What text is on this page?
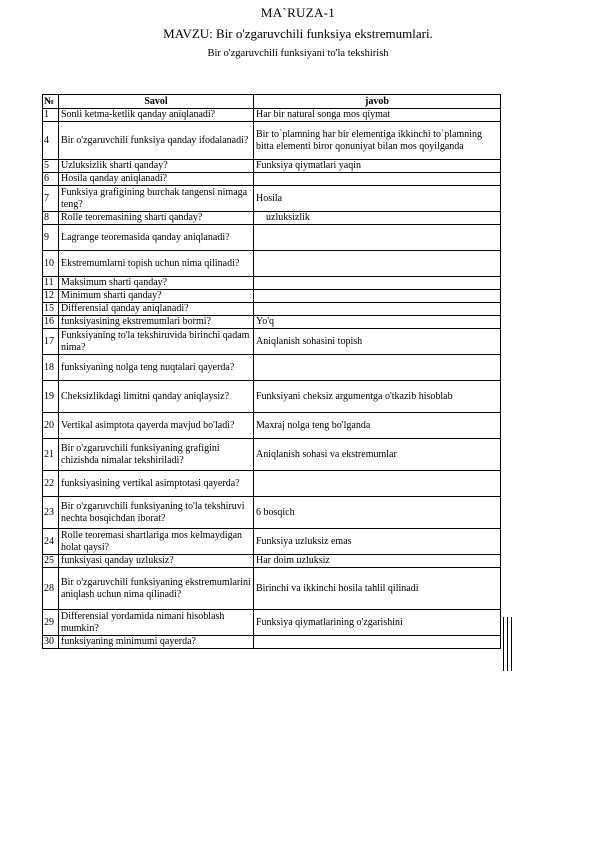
MA`RUZA-1
MAVZU: Bir o'zgaruvchili funksiya ekstremumlari.
Bir o'zgaruvchili funksiyani to'la tekshirish
№	Savol	javob
1	Sonli ketma-ketlik qanday aniqlanadi?	Har bir natural songa mos qiymat
4	Bir o'zgaruvchili funksiya qanday ifodalanadi?	Bir to`plamning har bir elementiga ikkinchi to`plamning bitta elementi biror qonuniyat bilan mos qoyilganda
5	Uzluksizlik sharti qanday?	Funksiya qiymatlari yaqin
6	Hosila qanday aniqlanadi?	
7	Funksiya grafigining burchak tangensi nimaga teng?	Hosila
8	Rolle teoremasining sharti qanday?	uzluksizlik
9	Lagrange teoremasida qanday aniqlanadi?	
10	Ekstremumlarni topish uchun nima qilinadi?	
11	Maksimum sharti qanday?	
12	Minimum sharti qanday?	
15	Differensial qanday aniqlanadi?	
16	funksiyasining ekstremumlari bormi?	Yo'q
17	Funksiyaning to'la tekshiruvida birinchi qadam nima?	Aniqlanish sohasini topish
18	funksiyaning nolga teng nuqtalari qayerda?	
19	Cheksizlikdagi limitni qanday aniqlaysiz?	Funksiyani cheksiz argumentga o'tkazib hisoblab
20	Vertikal asimptota qayerda mavjud bo'ladi?	Maxraj nolga teng bo'lganda
21	Bir o'zgaruvchili funksiyaning grafigini chizishda nimalar tekshiriladi?	Aniqlanish sohasi va ekstremumlar
22	funksiyasining vertikal asimptotasi qayerda?	
23	Bir o'zgaruvchili funksiyaning to'la tekshiruvi nechta bosqichdan iborat?	6 bosqich
24	Rolle teoremasi shartlariga mos kelmaydigan holat qaysi?	Funksiya uzluksiz emas
25	funksiyasi qanday uzluksiz?	Har doim uzluksiz
28	Bir o'zgaruvchili funksiyaning ekstremumlarini aniqlash uchun nima qilinadi?	Birinchi va ikkinchi hosila tahlil qilinadi
29	Differensial yordamida nimani hisoblash mumkin?	Funksiya qiymatlarining o'zgarishini
30	funksiyaning minimumi qayerda?	
